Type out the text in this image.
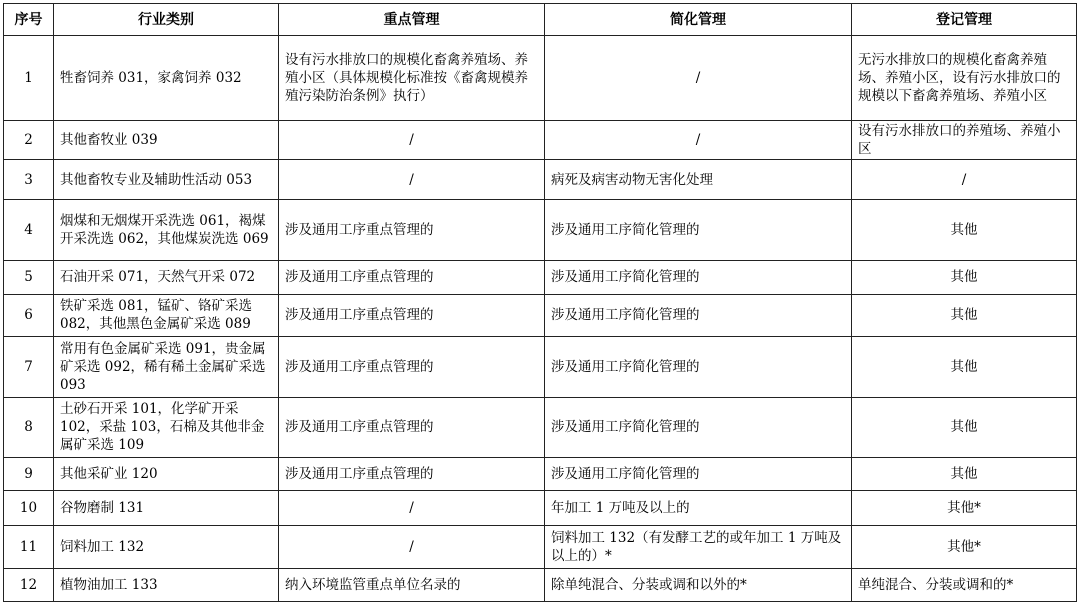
序号	行业类别	重点管理	简化管理	登记管理
1	牲畜饲养 031，家禽饲养 032	设有污水排放口的规模化畜禽养殖场、养殖小区（具体规模化标准按《畜禽规模养殖污染防治条例》执行）	/	无污水排放口的规模化畜禽养殖场、养殖小区，设有污水排放口的规模以下畜禽养殖场、养殖小区
2	其他畜牧业 039	/	/	设有污水排放口的养殖场、养殖小区
3	其他畜牧专业及辅助性活动 053	/	病死及病害动物无害化处理	/
4	烟煤和无烟煤开采洗选 061，褐煤开采洗选 062，其他煤炭洗选 069	涉及通用工序重点管理的	涉及通用工序简化管理的	其他
5	石油开采 071，天然气开采 072	涉及通用工序重点管理的	涉及通用工序简化管理的	其他
6	铁矿采选 081，锰矿、铬矿采选 082，其他黑色金属矿采选 089	涉及通用工序重点管理的	涉及通用工序简化管理的	其他
7	常用有色金属矿采选 091，贵金属矿采选 092，稀有稀土金属矿采选 093	涉及通用工序重点管理的	涉及通用工序简化管理的	其他
8	土砂石开采 101，化学矿开采 102，采盐 103，石棉及其他非金属矿采选 109	涉及通用工序重点管理的	涉及通用工序简化管理的	其他
9	其他采矿业 120	涉及通用工序重点管理的	涉及通用工序简化管理的	其他
10	谷物磨制 131	/	年加工 1 万吨及以上的	其他*
11	饲料加工 132	/	饲料加工 132（有发酵工艺的或年加工 1 万吨及以上的）*	其他*
12	植物油加工 133	纳入环境监管重点单位名录的	除单纯混合、分装或调和以外的*	单纯混合、分装或调和的*
